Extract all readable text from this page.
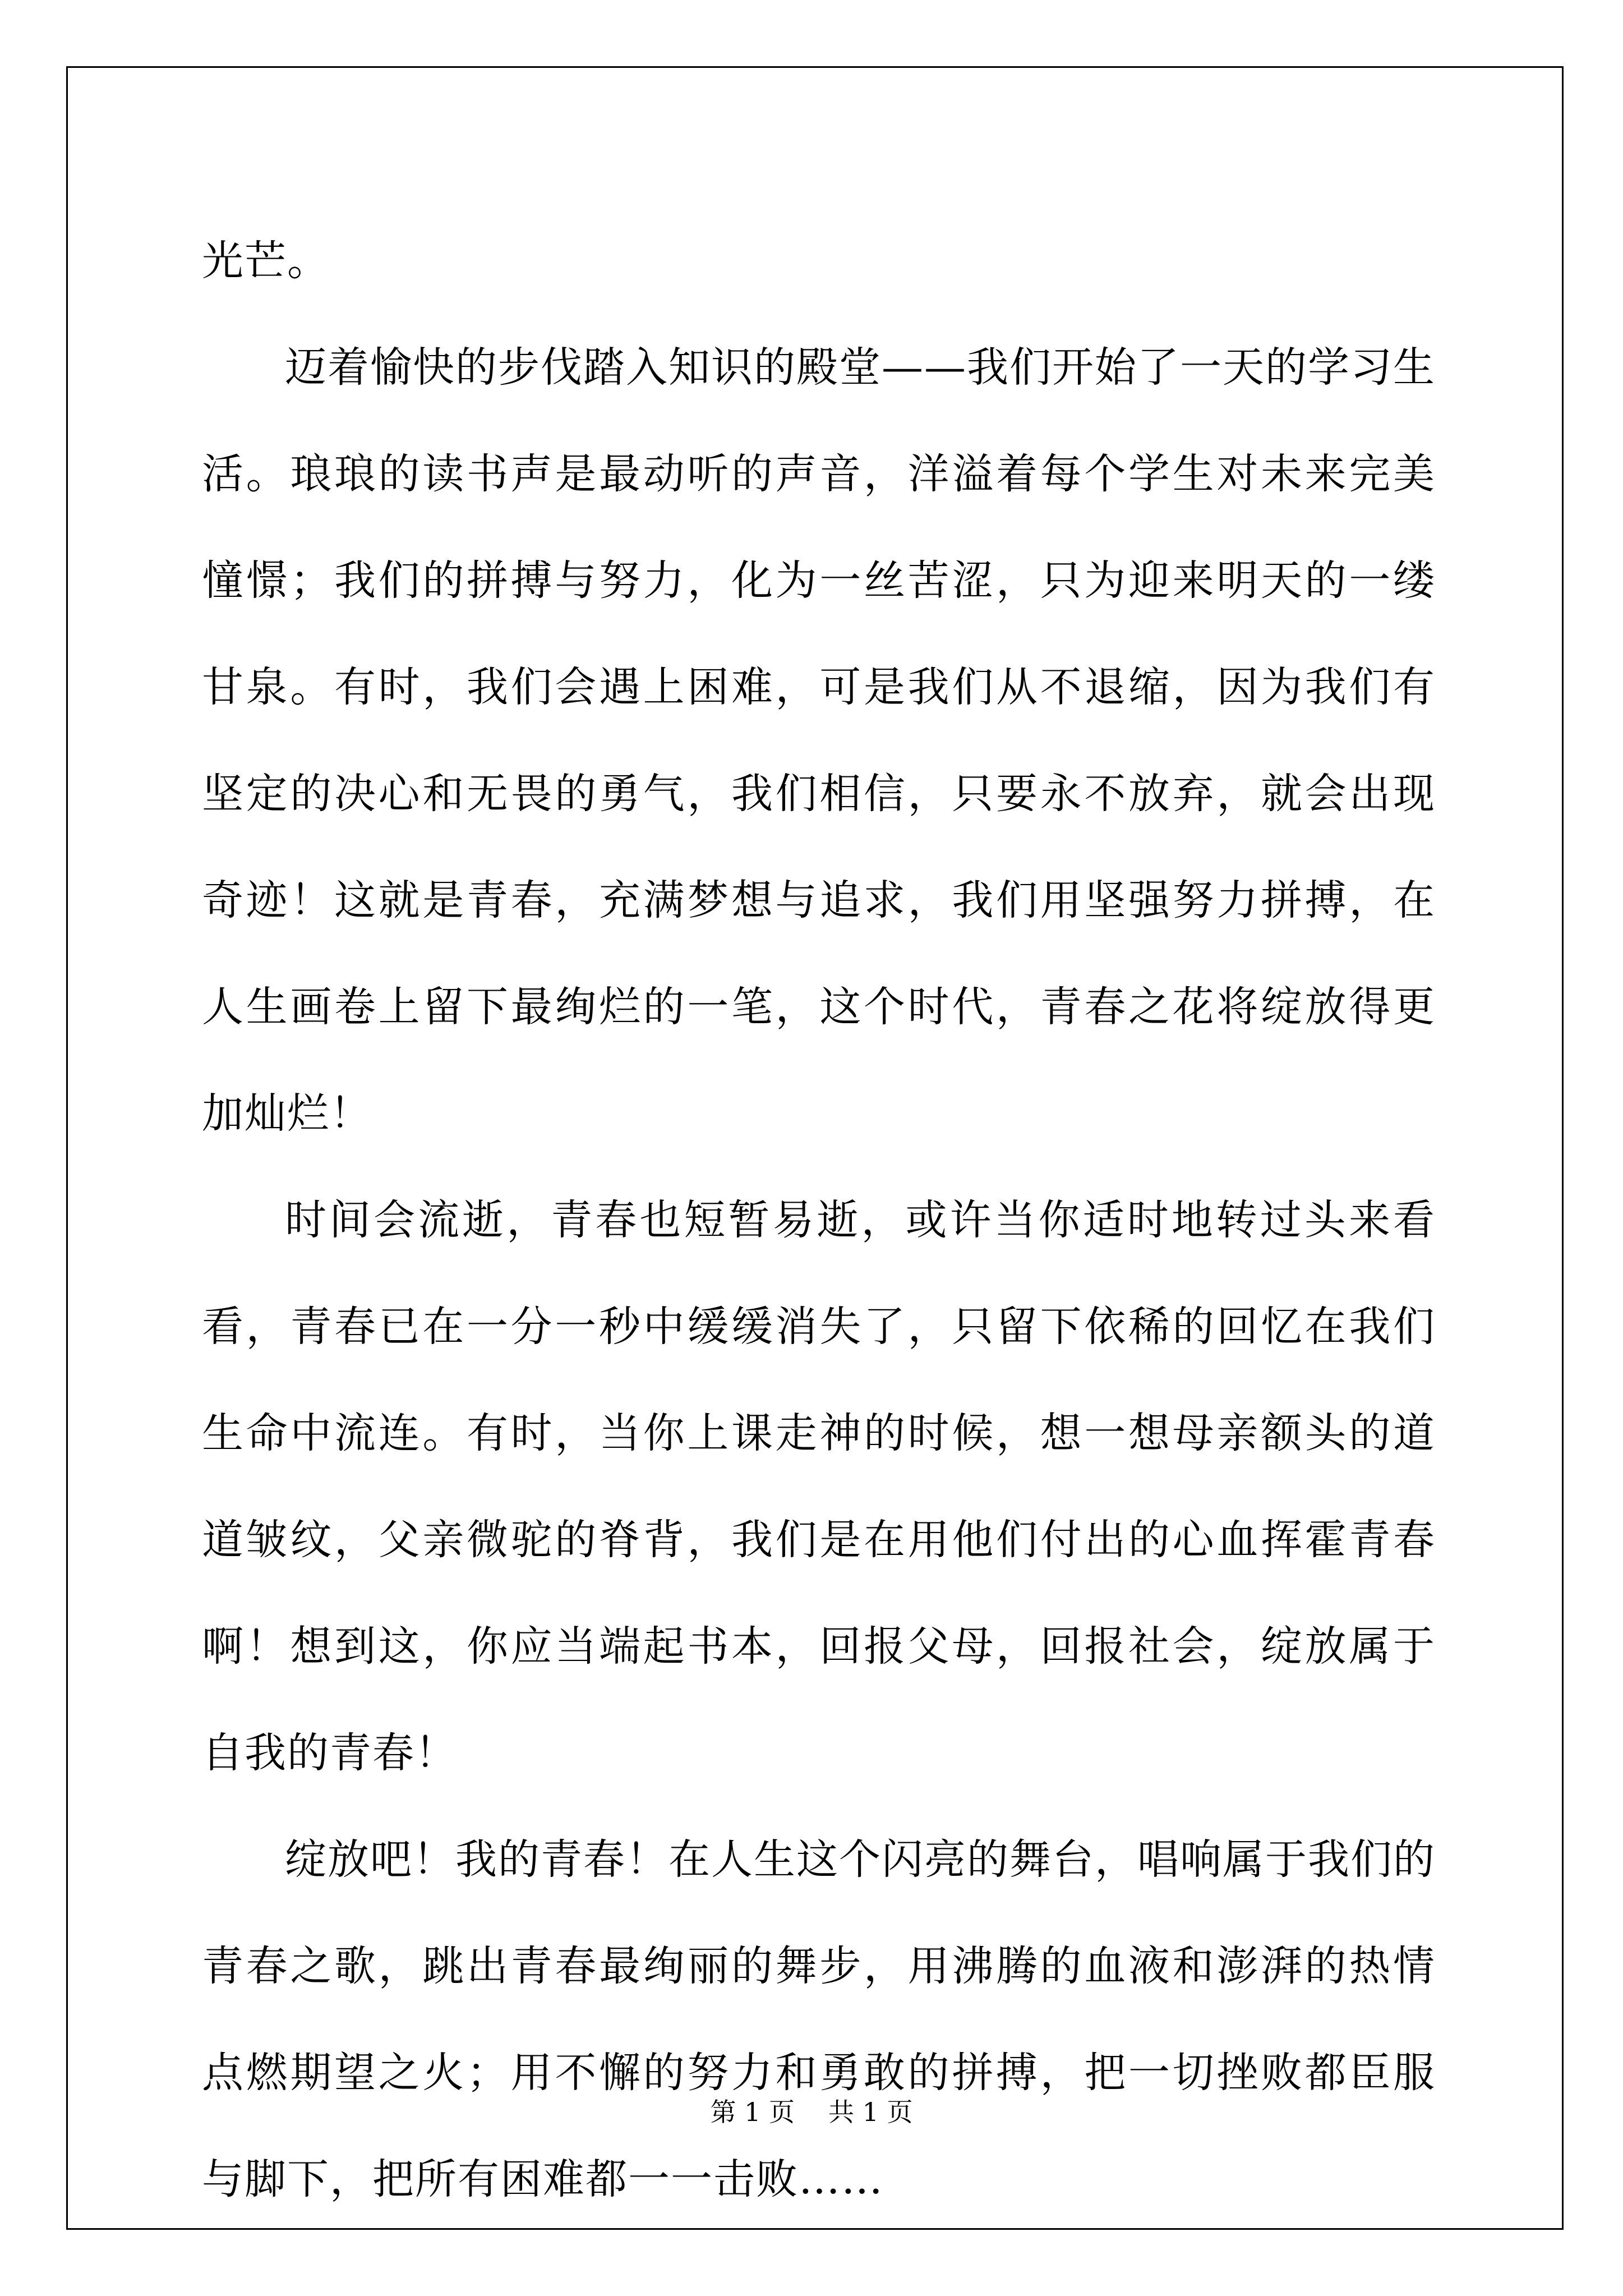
光芒。

迈着愉快的步伐踏入知识的殿堂——我们开始了一天的学习生活。琅琅的读书声是最动听的声音，洋溢着每个学生对未来完美憧憬；我们的拼搏与努力，化为一丝苦涩，只为迎来明天的一缕甘泉。有时，我们会遇上困难，可是我们从不退缩，因为我们有坚定的决心和无畏的勇气，我们相信，只要永不放弃，就会出现奇迹！这就是青春，充满梦想与追求，我们用坚强努力拼搏，在人生画卷上留下最绚烂的一笔，这个时代，青春之花将绽放得更加灿烂！

时间会流逝，青春也短暂易逝，或许当你适时地转过头来看看，青春已在一分一秒中缓缓消失了，只留下依稀的回忆在我们生命中流连。有时，当你上课走神的时候，想一想母亲额头的道道皱纹，父亲微驼的脊背，我们是在用他们付出的心血挥霍青春啊！想到这，你应当端起书本，回报父母，回报社会，绽放属于自我的青春！

绽放吧！我的青春！在人生这个闪亮的舞台，唱响属于我们的青春之歌，跳出青春最绚丽的舞步，用沸腾的血液和澎湃的热情点燃期望之火；用不懈的努力和勇敢的拼搏，把一切挫败都臣服与脚下，把所有困难都一一击败……

第 1 页 共 1 页
